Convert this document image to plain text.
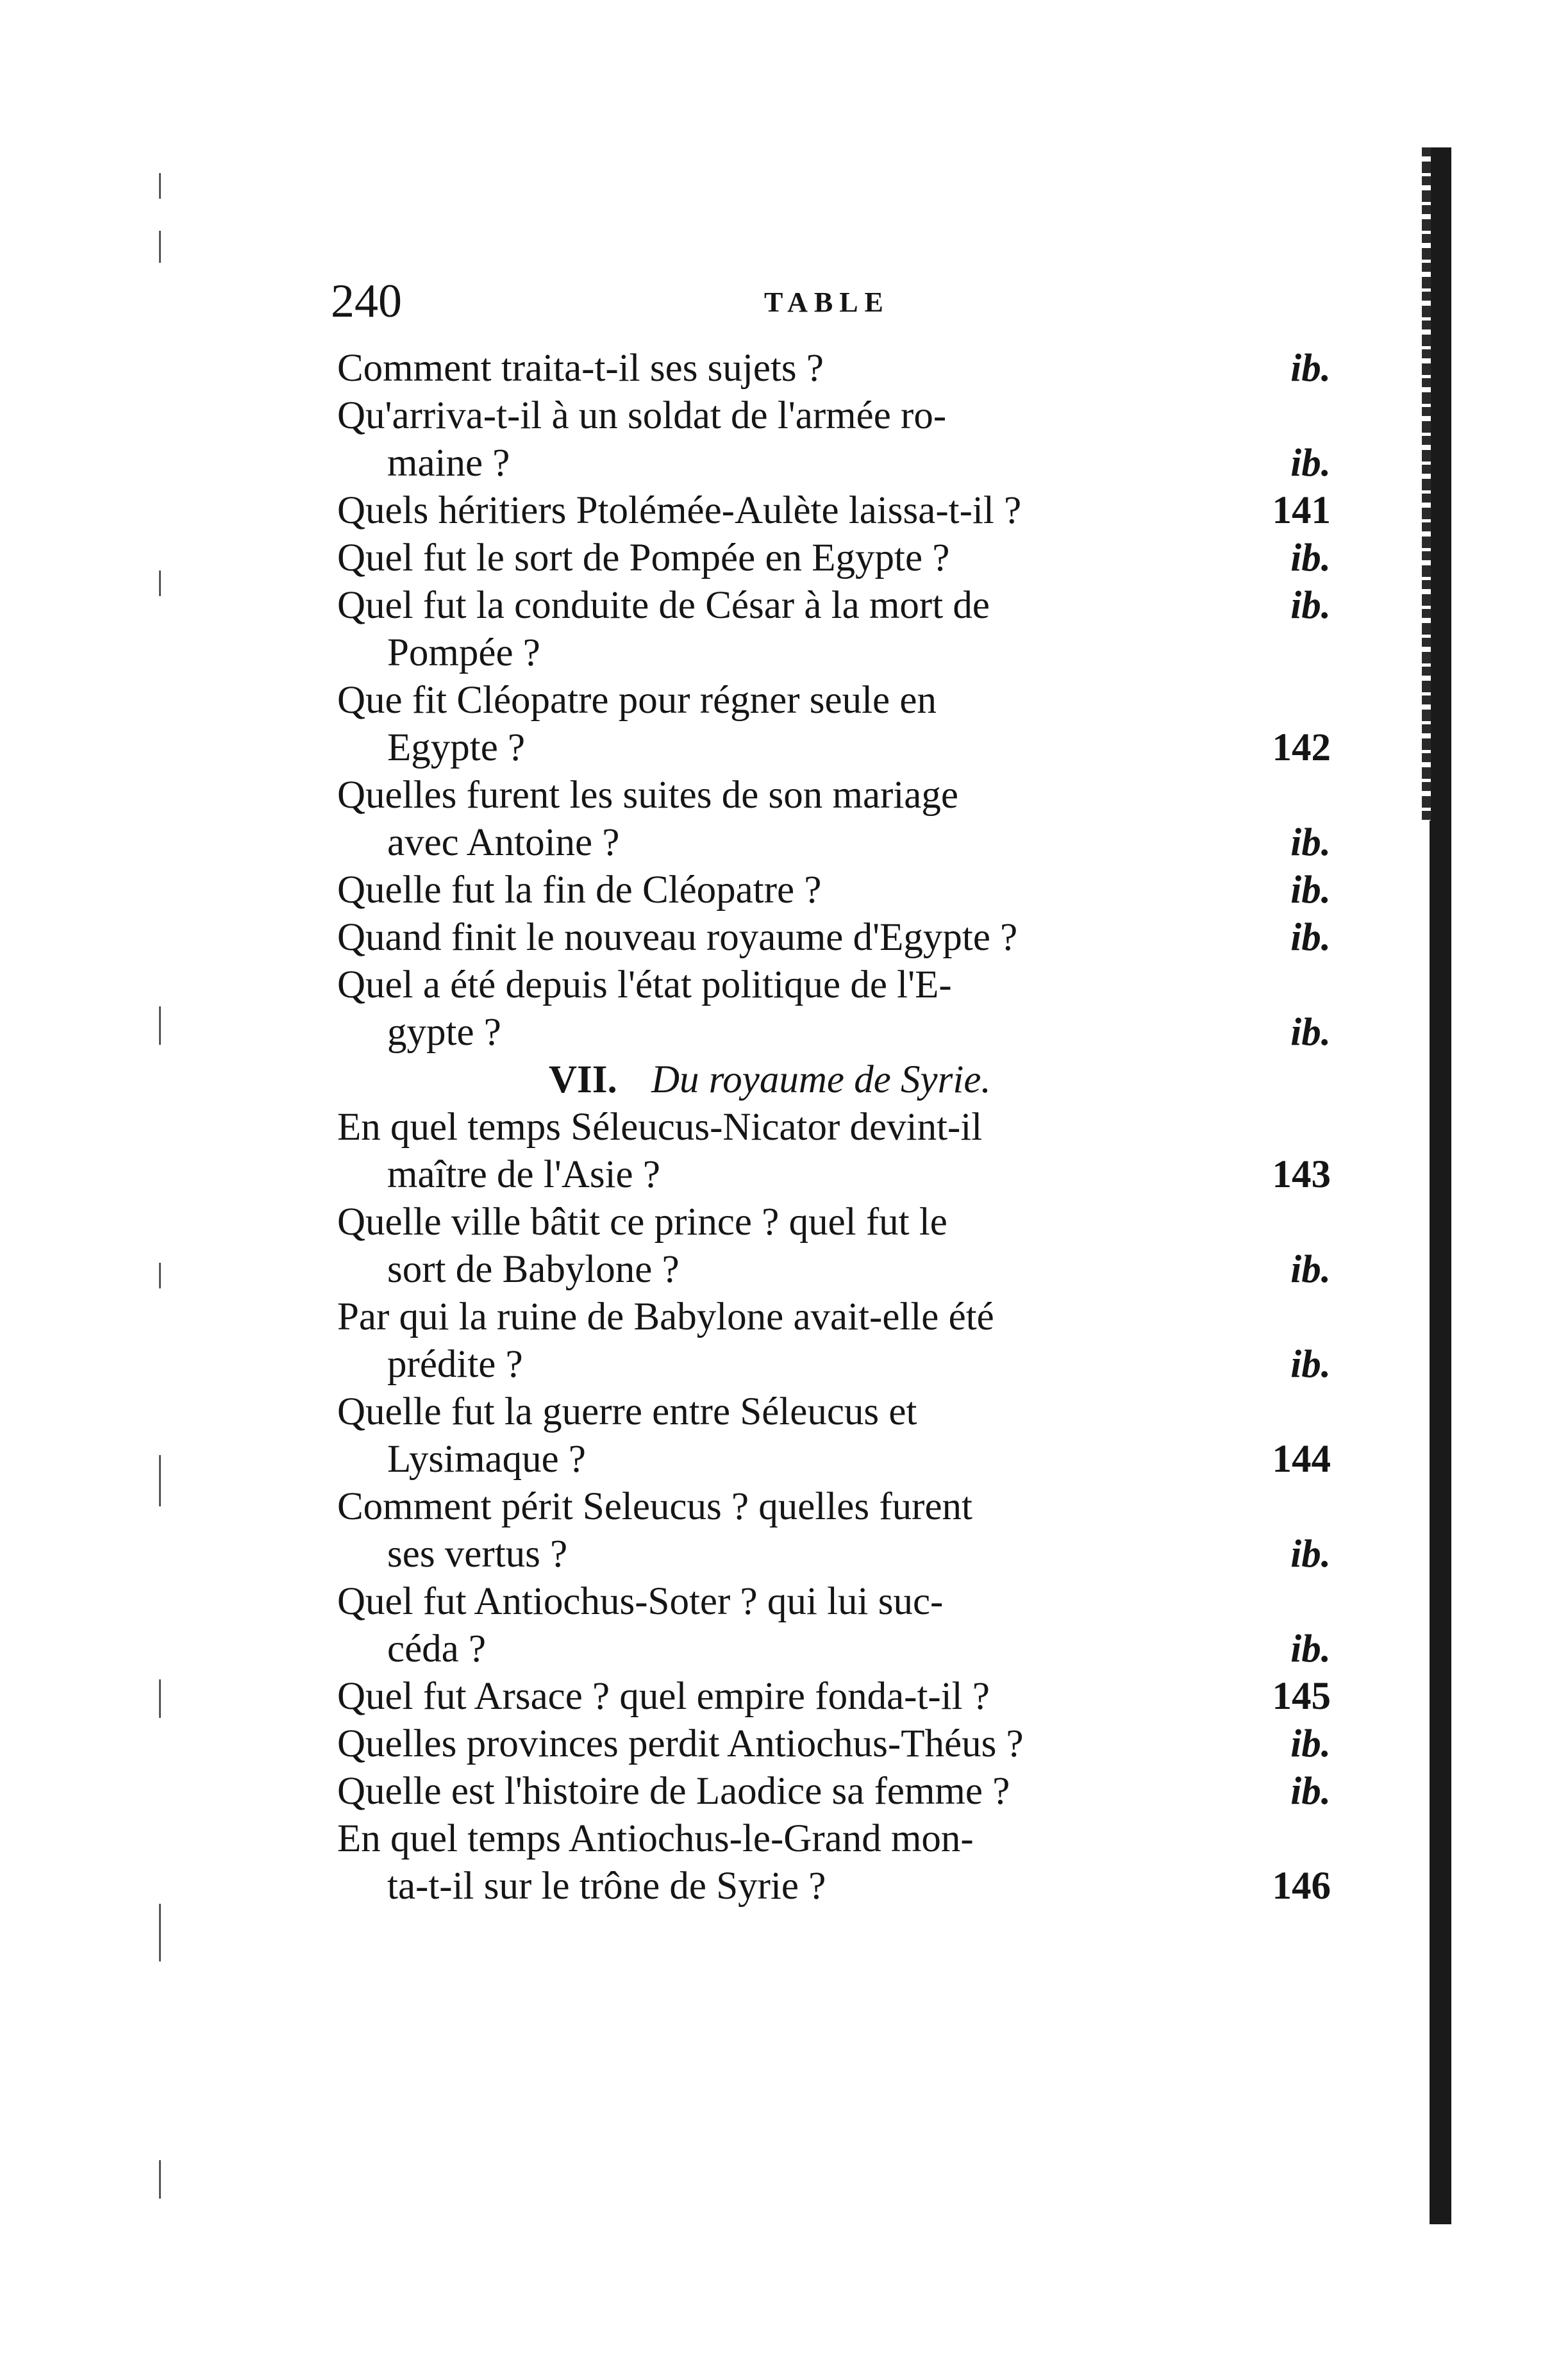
240	TABLE
Comment traita-t-il ses sujets ?	ib.
Qu'arriva-t-il à un soldat de l'armée ro-
maine ?	ib.
Quels héritiers Ptolémée-Aulète laissa-t-il ?	141
Quel fut le sort de Pompée en Egypte ?	ib.
Quel fut la conduite de César à la mort de	ib.
Pompée ?
Que fit Cléopatre pour régner seule en
Egypte ?	142
Quelles furent les suites de son mariage
avec Antoine ?	ib.
Quelle fut la fin de Cléopatre ?	ib.
Quand finit le nouveau royaume d'Egypte ?	ib.
Quel a été depuis l'état politique de l'E-
gypte ?	ib.
VII. Du royaume de Syrie.
En quel temps Séleucus-Nicator devint-il
maître de l'Asie ?	143
Quelle ville bâtit ce prince ? quel fut le
sort de Babylone ?	ib.
Par qui la ruine de Babylone avait-elle été
prédite ?	ib.
Quelle fut la guerre entre Séleucus et
Lysimaque ?	144
Comment périt Seleucus ? quelles furent
ses vertus ?	ib.
Quel fut Antiochus-Soter ? qui lui suc-
céda ?	ib.
Quel fut Arsace ? quel empire fonda-t-il ?	145
Quelles provinces perdit Antiochus-Théus ?	ib.
Quelle est l'histoire de Laodice sa femme ?	ib.
En quel temps Antiochus-le-Grand mon-
ta-t-il sur le trône de Syrie ?	146
